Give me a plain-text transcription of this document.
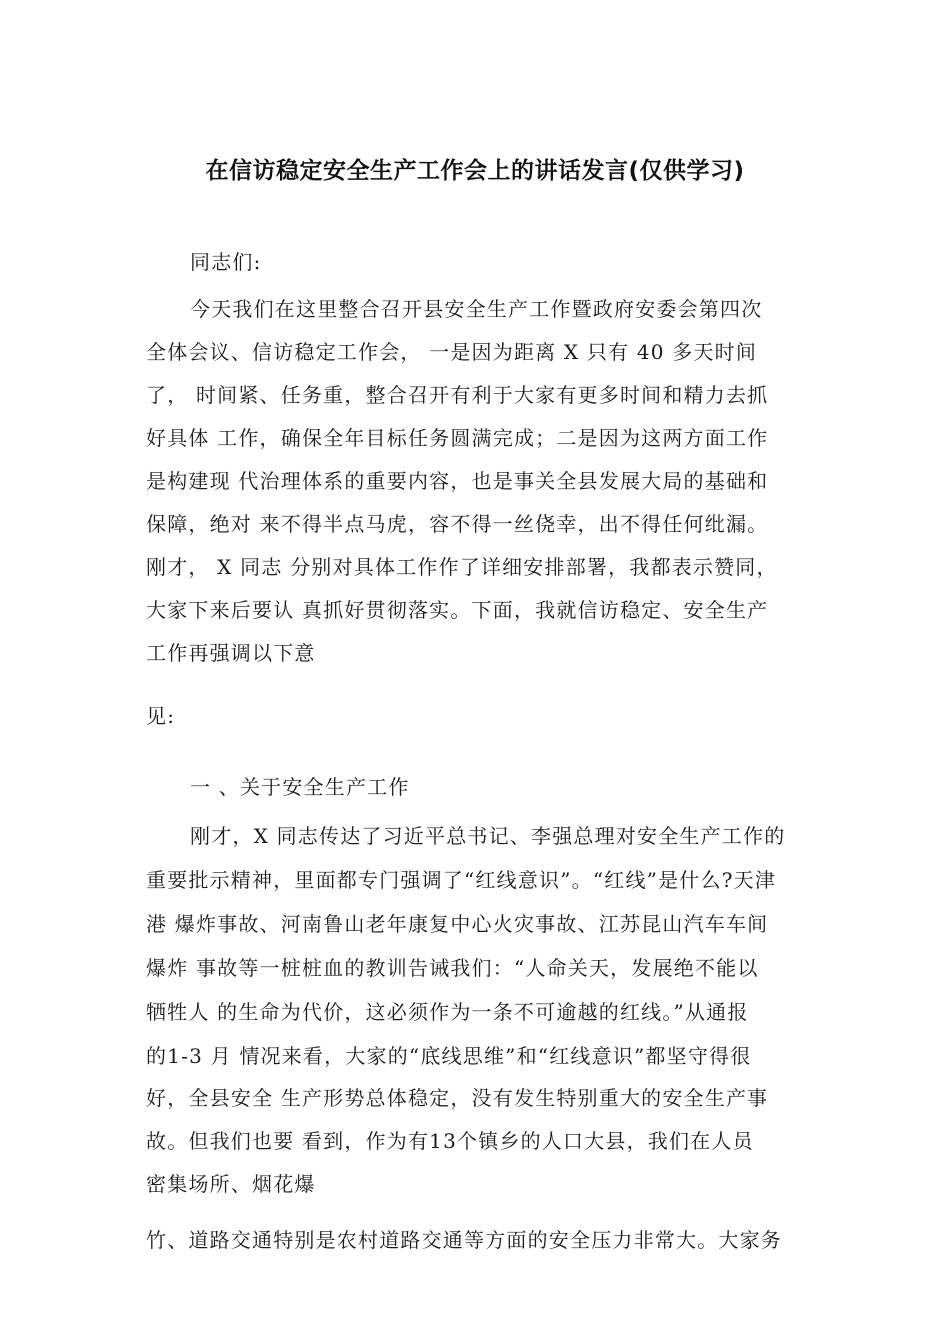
在信访稳定安全生产工作会上的讲话发言(仅供学习)
同志们:
今天我们在这里整合召开县安全生产工作暨政府安委会第四次
全体会议、信访稳定工作会， 一是因为距离 X 只有 40 多天时间
了， 时间紧、任务重，整合召开有利于大家有更多时间和精力去抓
好具体 工作，确保全年目标任务圆满完成；二是因为这两方面工作
是构建现 代治理体系的重要内容，也是事关全县发展大局的基础和
保障，绝对 来不得半点马虎，容不得一丝侥幸，出不得任何纰漏。
刚才， X 同志 分别对具体工作作了详细安排部署，我都表示赞同，
大家下来后要认 真抓好贯彻落实。下面，我就信访稳定、安全生产
工作再强调以下意
见:
一 、关于安全生产工作
刚才，X 同志传达了习近平总书记、李强总理对安全生产工作的
重要批示精神，里面都专门强调了“红线意识”。“红线”是什么?天津
港 爆炸事故、河南鲁山老年康复中心火灾事故、江苏昆山汽车车间
爆炸 事故等一桩桩血的教训告诫我们：“人命关天，发展绝不能以
牺牲人 的生命为代价，这必须作为一条不可逾越的红线。”从通报
的1-3 月 情况来看，大家的“底线思维”和“红线意识”都坚守得很
好，全县安全 生产形势总体稳定，没有发生特别重大的安全生产事
故。但我们也要 看到，作为有13个镇乡的人口大县，我们在人员
密集场所、烟花爆
竹、道路交通特别是农村道路交通等方面的安全压力非常大。大家务
